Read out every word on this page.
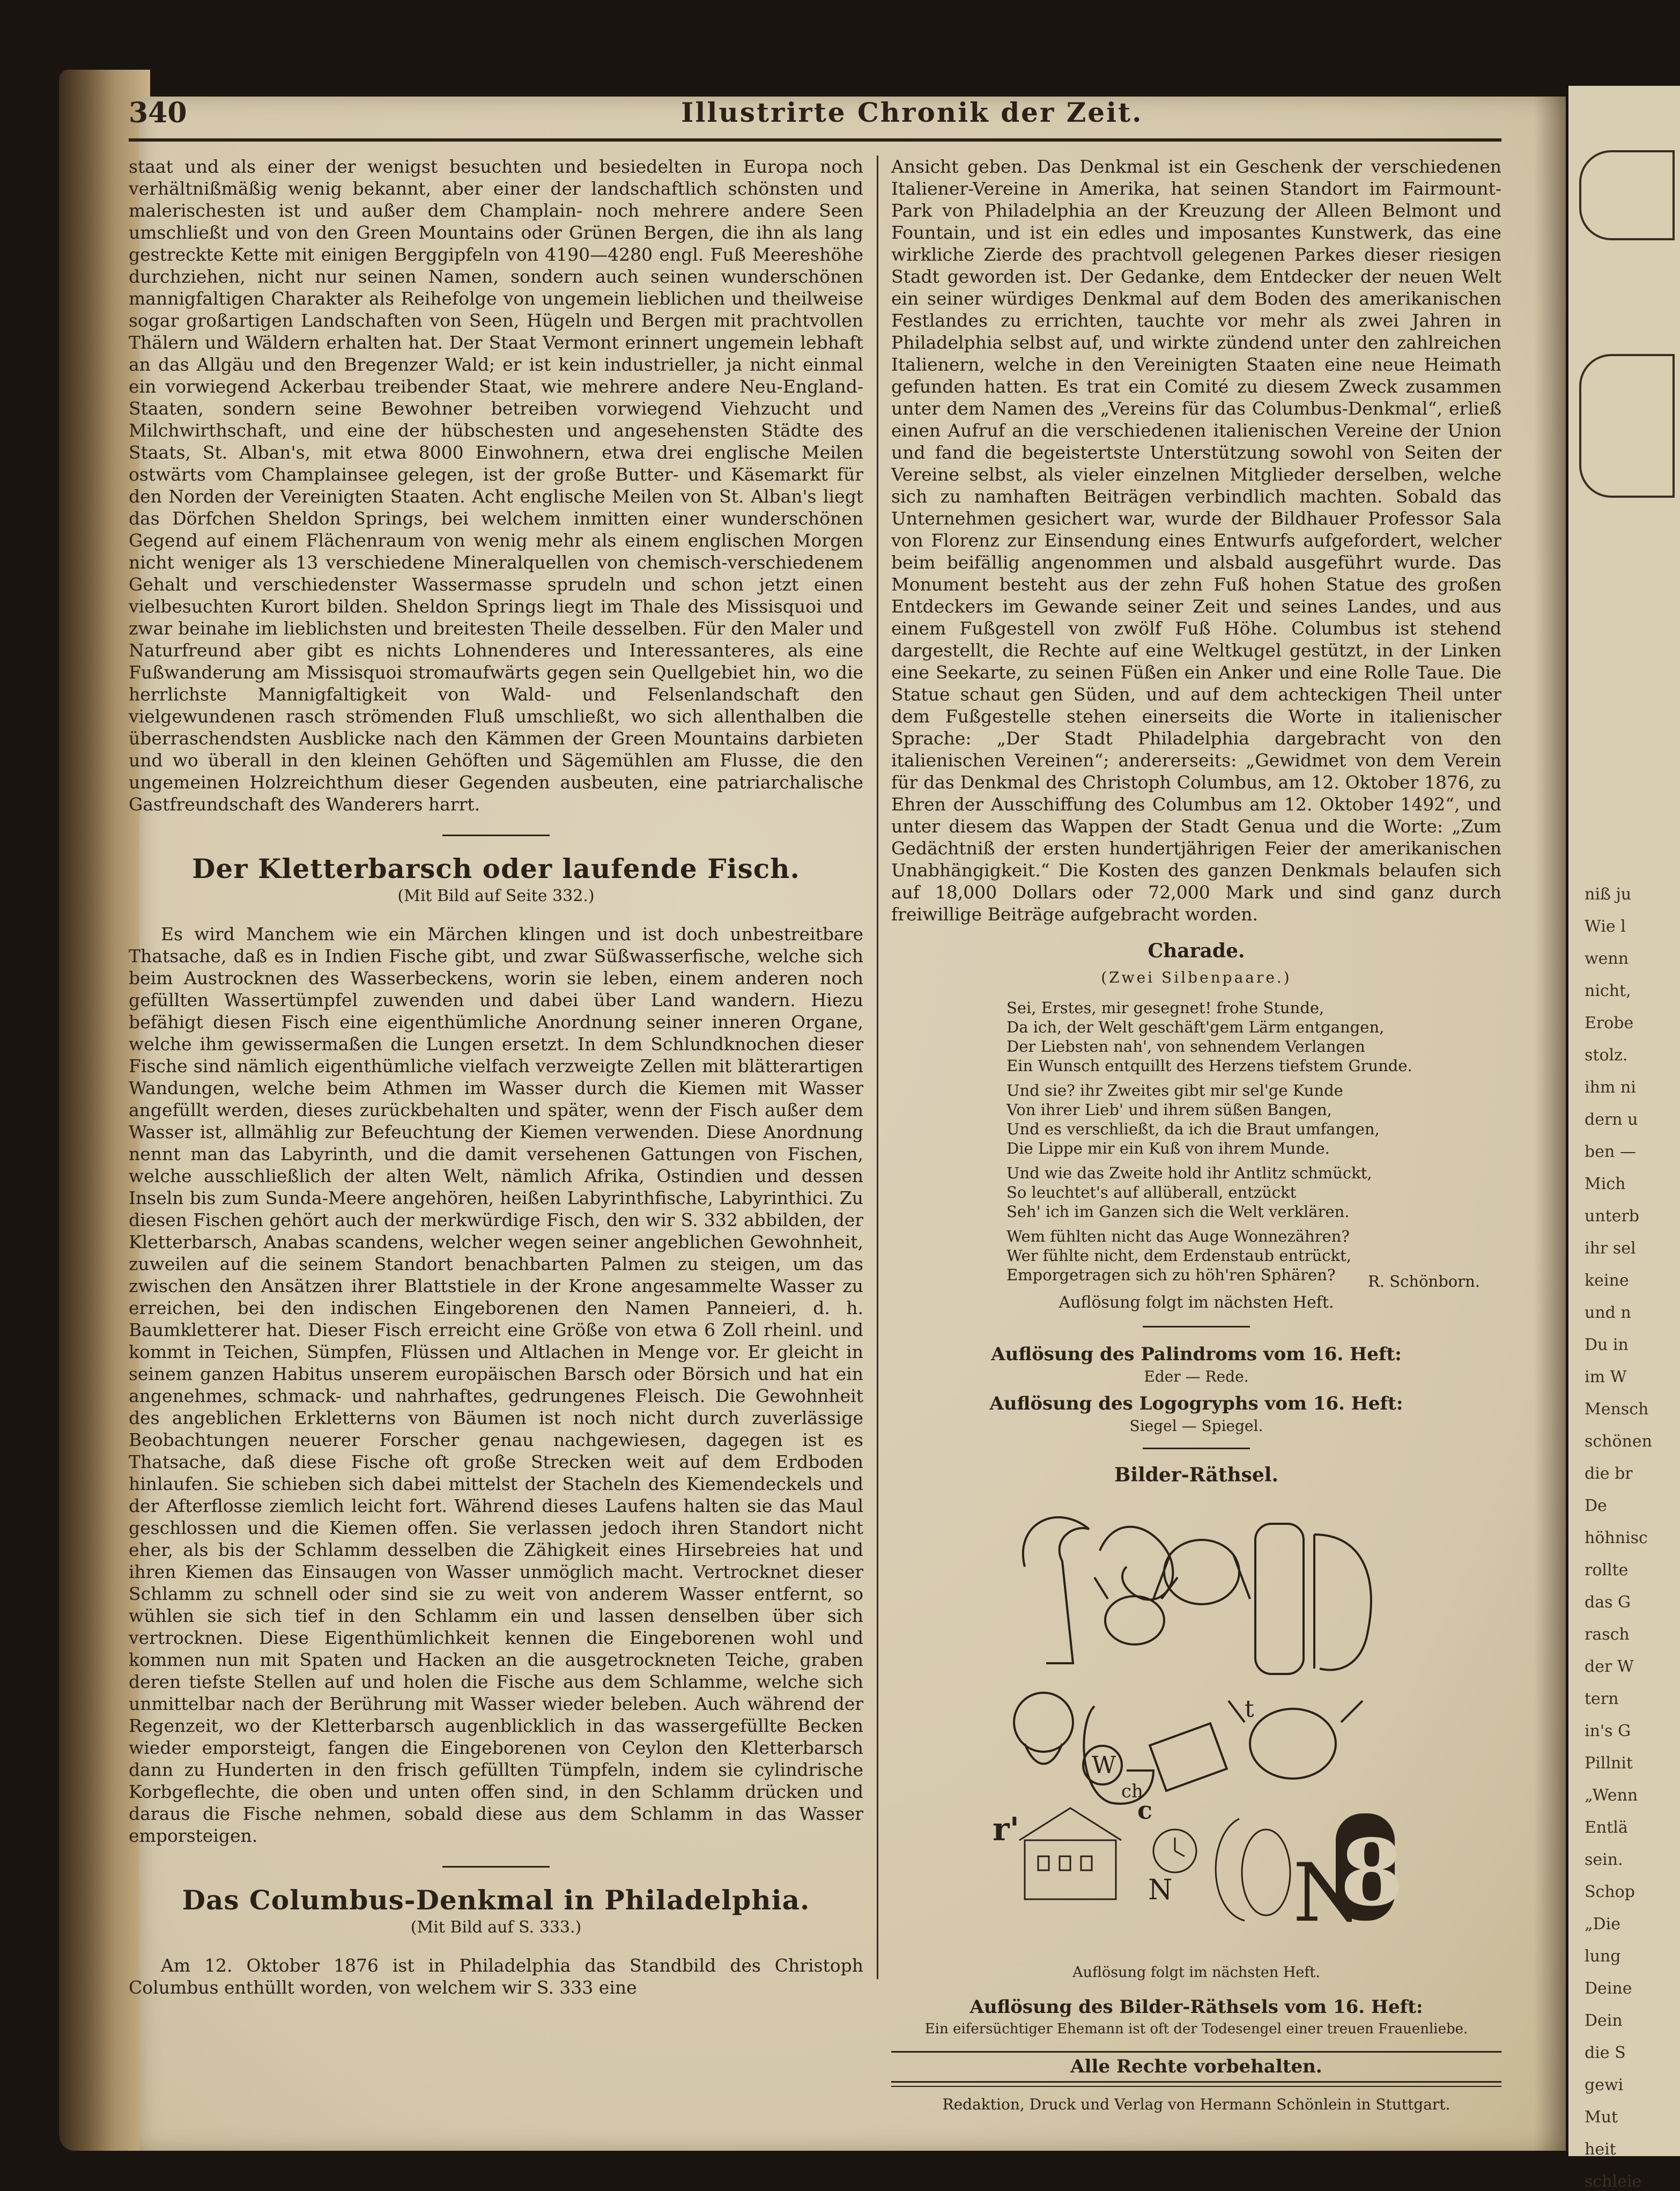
niß ju
Wie l
wenn
nicht,
Erobe
stolz.
ihm ni
dern u
ben —
Mich
unterb
ihr sel
keine
und n
Du in
im W
Mensch
schönen
die br
De
höhnisc
rollte
das G
rasch
der W
tern
in's G
Pillnit
„Wenn
Entlä
sein.
Schop
„Die
lung
Deine
Dein
die S
gewi
Mut
heit
schleie
340	Illustrirte Chronik der Zeit.

staat und als einer der wenigst besuchten und besiedelten in Europa noch verhältnißmäßig wenig bekannt, aber einer der landschaftlich schönsten und malerischesten ist und außer dem Champlain- noch mehrere andere Seen umschließt und von den Green Mountains oder Grünen Bergen, die ihn als lang gestreckte Kette mit einigen Berggipfeln von 4190—4280 engl. Fuß Meereshöhe durchziehen, nicht nur seinen Namen, sondern auch seinen wunderschönen mannigfaltigen Charakter als Reihefolge von ungemein lieblichen und theilweise sogar großartigen Landschaften von Seen, Hügeln und Bergen mit prachtvollen Thälern und Wäldern erhalten hat. Der Staat Vermont erinnert ungemein lebhaft an das Allgäu und den Bregenzer Wald; er ist kein industrieller, ja nicht einmal ein vorwiegend Ackerbau treibender Staat, wie mehrere andere Neu-England-Staaten, sondern seine Bewohner betreiben vorwiegend Viehzucht und Milchwirthschaft, und eine der hübschesten und angesehensten Städte des Staats, St. Alban's, mit etwa 8000 Einwohnern, etwa drei englische Meilen ostwärts vom Champlainsee gelegen, ist der große Butter- und Käsemarkt für den Norden der Vereinigten Staaten. Acht englische Meilen von St. Alban's liegt das Dörfchen Sheldon Springs, bei welchem inmitten einer wunderschönen Gegend auf einem Flächenraum von wenig mehr als einem englischen Morgen nicht weniger als 13 verschiedene Mineralquellen von chemisch-verschiedenem Gehalt und verschiedenster Wassermasse sprudeln und schon jetzt einen vielbesuchten Kurort bilden. Sheldon Springs liegt im Thale des Missisquoi und zwar beinahe im lieblichsten und breitesten Theile desselben. Für den Maler und Naturfreund aber gibt es nichts Lohnenderes und Interessanteres, als eine Fußwanderung am Missisquoi stromaufwärts gegen sein Quellgebiet hin, wo die herrlichste Mannigfaltigkeit von Wald- und Felsenlandschaft den vielgewundenen rasch strömenden Fluß umschließt, wo sich allenthalben die überraschendsten Ausblicke nach den Kämmen der Green Mountains darbieten und wo überall in den kleinen Gehöften und Sägemühlen am Flusse, die den ungemeinen Holzreichthum dieser Gegenden ausbeuten, eine patriarchalische Gastfreundschaft des Wanderers harrt.

Der Kletterbarsch oder laufende Fisch.
(Mit Bild auf Seite 332.)

Es wird Manchem wie ein Märchen klingen und ist doch unbestreitbare Thatsache, daß es in Indien Fische gibt, und zwar Süßwasserfische, welche sich beim Austrocknen des Wasserbeckens, worin sie leben, einem anderen noch gefüllten Wassertümpfel zuwenden und dabei über Land wandern. Hiezu befähigt diesen Fisch eine eigenthümliche Anordnung seiner inneren Organe, welche ihm gewissermaßen die Lungen ersetzt. In dem Schlundknochen dieser Fische sind nämlich eigenthümliche vielfach verzweigte Zellen mit blätterartigen Wandungen, welche beim Athmen im Wasser durch die Kiemen mit Wasser angefüllt werden, dieses zurückbehalten und später, wenn der Fisch außer dem Wasser ist, allmählig zur Befeuchtung der Kiemen verwenden. Diese Anordnung nennt man das Labyrinth, und die damit versehenen Gattungen von Fischen, welche ausschließlich der alten Welt, nämlich Afrika, Ostindien und dessen Inseln bis zum Sunda-Meere angehören, heißen Labyrinthfische, Labyrinthici. Zu diesen Fischen gehört auch der merkwürdige Fisch, den wir S. 332 abbilden, der Kletterbarsch, Anabas scandens, welcher wegen seiner angeblichen Gewohnheit, zuweilen auf die seinem Standort benachbarten Palmen zu steigen, um das zwischen den Ansätzen ihrer Blattstiele in der Krone angesammelte Wasser zu erreichen, bei den indischen Eingeborenen den Namen Panneieri, d. h. Baumkletterer hat. Dieser Fisch erreicht eine Größe von etwa 6 Zoll rheinl. und kommt in Teichen, Sümpfen, Flüssen und Altlachen in Menge vor. Er gleicht in seinem ganzen Habitus unserem europäischen Barsch oder Börsich und hat ein angenehmes, schmack- und nahrhaftes, gedrungenes Fleisch. Die Gewohnheit des angeblichen Erkletterns von Bäumen ist noch nicht durch zuverlässige Beobachtungen neuerer Forscher genau nachgewiesen, dagegen ist es Thatsache, daß diese Fische oft große Strecken weit auf dem Erdboden hinlaufen. Sie schieben sich dabei mittelst der Stacheln des Kiemendeckels und der Afterflosse ziemlich leicht fort. Während dieses Laufens halten sie das Maul geschlossen und die Kiemen offen. Sie verlassen jedoch ihren Standort nicht eher, als bis der Schlamm desselben die Zähigkeit eines Hirsebreies hat und ihren Kiemen das Einsaugen von Wasser unmöglich macht. Vertrocknet dieser Schlamm zu schnell oder sind sie zu weit von anderem Wasser entfernt, so wühlen sie sich tief in den Schlamm ein und lassen denselben über sich vertrocknen. Diese Eigenthümlichkeit kennen die Eingeborenen wohl und kommen nun mit Spaten und Hacken an die ausgetrockneten Teiche, graben deren tiefste Stellen auf und holen die Fische aus dem Schlamme, welche sich unmittelbar nach der Berührung mit Wasser wieder beleben. Auch während der Regenzeit, wo der Kletterbarsch augenblicklich in das wassergefüllte Becken wieder emporsteigt, fangen die Eingeborenen von Ceylon den Kletterbarsch dann zu Hunderten in den frisch gefüllten Tümpfeln, indem sie cylindrische Korbgeflechte, die oben und unten offen sind, in den Schlamm drücken und daraus die Fische nehmen, sobald diese aus dem Schlamm in das Wasser emporsteigen.

Das Columbus-Denkmal in Philadelphia.
(Mit Bild auf S. 333.)

Am 12. Oktober 1876 ist in Philadelphia das Standbild des Christoph Columbus enthüllt worden, von welchem wir S. 333 eine

Ansicht geben. Das Denkmal ist ein Geschenk der verschiedenen Italiener-Vereine in Amerika, hat seinen Standort im Fairmount-Park von Philadelphia an der Kreuzung der Alleen Belmont und Fountain, und ist ein edles und imposantes Kunstwerk, das eine wirkliche Zierde des prachtvoll gelegenen Parkes dieser riesigen Stadt geworden ist. Der Gedanke, dem Entdecker der neuen Welt ein seiner würdiges Denkmal auf dem Boden des amerikanischen Festlandes zu errichten, tauchte vor mehr als zwei Jahren in Philadelphia selbst auf, und wirkte zündend unter den zahlreichen Italienern, welche in den Vereinigten Staaten eine neue Heimath gefunden hatten. Es trat ein Comité zu diesem Zweck zusammen unter dem Namen des „Vereins für das Columbus-Denkmal“, erließ einen Aufruf an die verschiedenen italienischen Vereine der Union und fand die begeistertste Unterstützung sowohl von Seiten der Vereine selbst, als vieler einzelnen Mitglieder derselben, welche sich zu namhaften Beiträgen verbindlich machten. Sobald das Unternehmen gesichert war, wurde der Bildhauer Professor Sala von Florenz zur Einsendung eines Entwurfs aufgefordert, welcher beim beifällig angenommen und alsbald ausgeführt wurde. Das Monument besteht aus der zehn Fuß hohen Statue des großen Entdeckers im Gewande seiner Zeit und seines Landes, und aus einem Fußgestell von zwölf Fuß Höhe. Columbus ist stehend dargestellt, die Rechte auf eine Weltkugel gestützt, in der Linken eine Seekarte, zu seinen Füßen ein Anker und eine Rolle Taue. Die Statue schaut gen Süden, und auf dem achteckigen Theil unter dem Fußgestelle stehen einerseits die Worte in italienischer Sprache: „Der Stadt Philadelphia dargebracht von den italienischen Vereinen“; andererseits: „Gewidmet von dem Verein für das Denkmal des Christoph Columbus, am 12. Oktober 1876, zu Ehren der Ausschiffung des Columbus am 12. Oktober 1492“, und unter diesem das Wappen der Stadt Genua und die Worte: „Zum Gedächtniß der ersten hundertjährigen Feier der amerikanischen Unabhängigkeit.“ Die Kosten des ganzen Denkmals belaufen sich auf 18,000 Dollars oder 72,000 Mark und sind ganz durch freiwillige Beiträge aufgebracht worden.

Charade.
(Zwei Silbenpaare.)
Sei, Erstes, mir gesegnet! frohe Stunde,
Da ich, der Welt geschäft'gem Lärm entgangen,
Der Liebsten nah', von sehnendem Verlangen
Ein Wunsch entquillt des Herzens tiefstem Grunde.
Und sie? ihr Zweites gibt mir sel'ge Kunde
Von ihrer Lieb' und ihrem süßen Bangen,
Und es verschließt, da ich die Braut umfangen,
Die Lippe mir ein Kuß von ihrem Munde.
Und wie das Zweite hold ihr Antlitz schmückt,
So leuchtet's auf allüberall, entzückt
Seh' ich im Ganzen sich die Welt verklären.
Wem fühlten nicht das Auge Wonnezähren?
Wer fühlte nicht, dem Erdenstaub entrückt,
Emporgetragen sich zu höh'ren Sphären?	R. Schönborn.
Auflösung folgt im nächsten Heft.
Auflösung des Palindroms vom 16. Heft:
Eder — Rede.
Auflösung des Logogryphs vom 16. Heft:
Siegel — Spiegel.
Bilder-Räthsel.
t
W
ch
r'
c
N N
8
Auflösung folgt im nächsten Heft.
Auflösung des Bilder-Räthsels vom 16. Heft:
Ein eifersüchtiger Ehemann ist oft der Todesengel einer treuen Frauenliebe.
Alle Rechte vorbehalten.
Redaktion, Druck und Verlag von Hermann Schönlein in Stuttgart.
